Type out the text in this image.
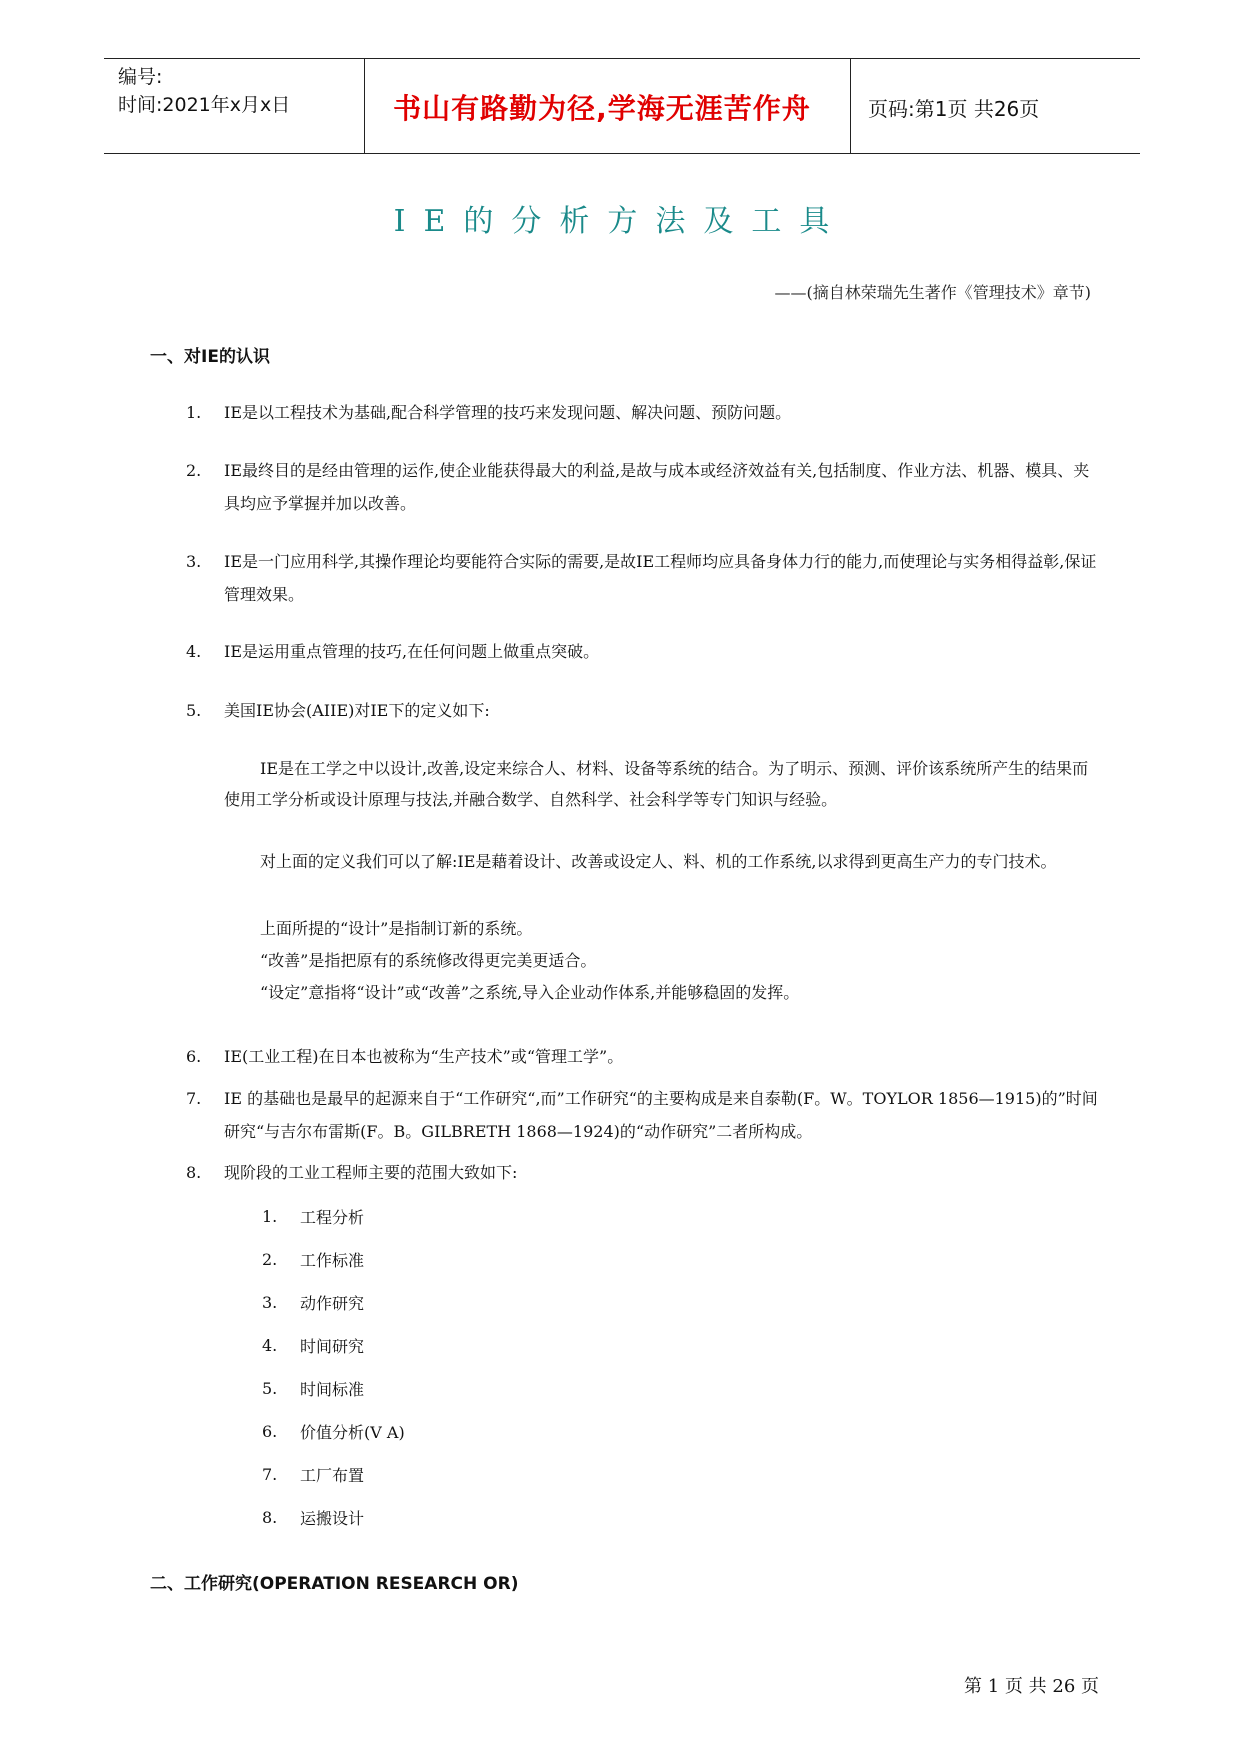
编号:
时间:2021年x月x日	书山有路勤为径,学海无涯苦作舟	页码:第1页 共26页
IE的分析方法及工具
——(摘自林荣瑞先生著作《管理技术》章节)
一、对IE的认识
1. IE是以工程技术为基础,配合科学管理的技巧来发现问题、解决问题、预防问题。
2. IE最终目的是经由管理的运作,使企业能获得最大的利益,是故与成本或经济效益有关,包括制度、作业方法、机器、模具、夹具均应予掌握并加以改善。
3. IE是一门应用科学,其操作理论均要能符合实际的需要,是故IE工程师均应具备身体力行的能力,而使理论与实务相得益彰,保证管理效果。
4. IE是运用重点管理的技巧,在任何问题上做重点突破。
5. 美国IE协会(AIIE)对IE下的定义如下:
IE是在工学之中以设计,改善,设定来综合人、材料、设备等系统的结合。为了明示、预测、评价该系统所产生的结果而使用工学分析或设计原理与技法,并融合数学、自然科学、社会科学等专门知识与经验。
对上面的定义我们可以了解:IE是藉着设计、改善或设定人、料、机的工作系统,以求得到更高生产力的专门技术。
上面所提的“设计”是指制订新的系统。
“改善”是指把原有的系统修改得更完美更适合。
“设定”意指将“设计”或“改善”之系统,导入企业动作体系,并能够稳固的发挥。
6. IE(工业工程)在日本也被称为“生产技术”或“管理工学”。
7. IE 的基础也是最早的起源来自于“工作研究“,而”工作研究“的主要构成是来自泰勒(F。W。TOYLOR 1856—1915)的”时间研究“与吉尔布雷斯(F。B。GILBRETH 1868—1924)的“动作研究”二者所构成。
8. 现阶段的工业工程师主要的范围大致如下:
1. 工程分析
2. 工作标准
3. 动作研究
4. 时间研究
5. 时间标准
6. 价值分析(V A)
7. 工厂布置
8. 运搬设计
二、工作研究(OPERATION RESEARCH OR)
第 1 页 共 26 页
